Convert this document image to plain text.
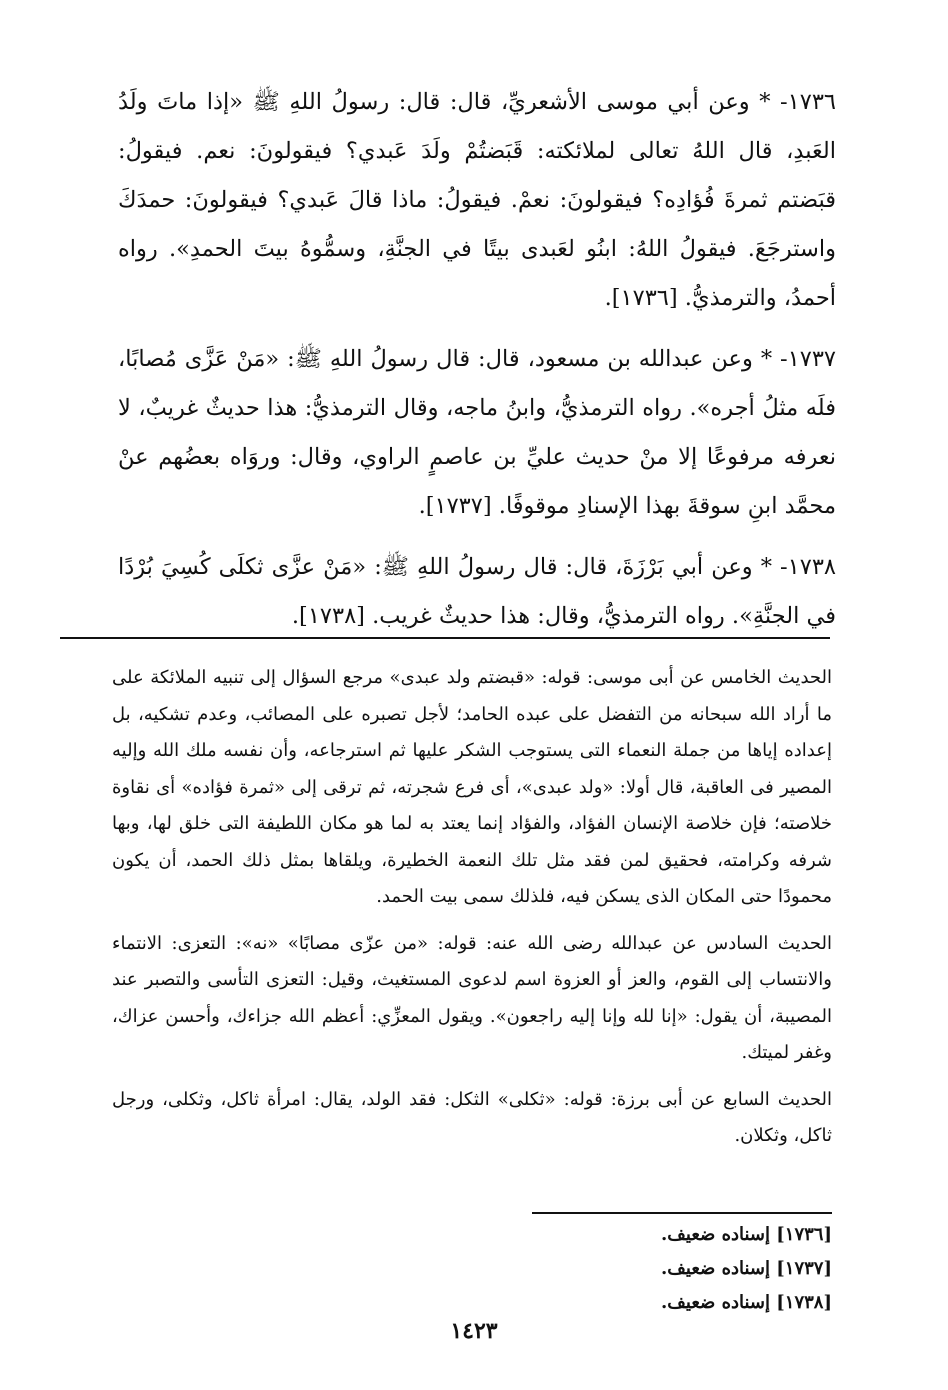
١٧٣٦- * وعن أبي موسى الأشعريِّ، قال: قال: رسولُ اللهِ ﷺ «إذا ماتَ ولَدُ العَبدِ، قال اللهُ تعالى لملائكته: قَبَضتُمْ ولَدَ عَبدي؟ فيقولونَ: نعم. فيقولُ: قبَضتم ثمرةَ فُؤادِه؟ فيقولونَ: نعمْ. فيقولُ: ماذا قالَ عَبدي؟ فيقولونَ: حمدَكَ واسترجَعَ. فيقولُ اللهُ: ابنُو لعَبدى بيتًا في الجنَّةِ، وسمُّوهُ بيتَ الحمدِ». رواه أحمدُ، والترمذيُّ. [١٧٣٦].

١٧٣٧- * وعن عبدالله بن مسعود، قال: قال رسولُ اللهِ ﷺ: «مَنْ عَزَّى مُصابًا، فلَه مثلُ أجره». رواه الترمذيُّ، وابنُ ماجه، وقال الترمذيُّ: هذا حديثٌ غريبٌ، لا نعرفه مرفوعًا إلا منْ حديث عليِّ بن عاصمٍ الراوي، وقال: وروَاه بعضُهم عنْ محمَّد ابنِ سوقةَ بهذا الإسنادِ موقوفًا. [١٧٣٧].

١٧٣٨- * وعن أبي بَرْزَةَ، قال: قال رسولُ اللهِ ﷺ: «مَنْ عزَّى ثكلَى كُسِيَ بُرْدًا في الجنَّةِ». رواه الترمذيُّ، وقال: هذا حديثٌ غريب. [١٧٣٨].

الحديث الخامس عن أبى موسى: قوله: «قبضتم ولد عبدى» مرجع السؤال إلى تنبيه الملائكة على ما أراد الله سبحانه من التفضل على عبده الحامد؛ لأجل تصبره على المصائب، وعدم تشكيه، بل إعداده إياها من جملة النعماء التى يستوجب الشكر عليها ثم استرجاعه، وأن نفسه ملك الله وإليه المصير فى العاقبة، قال أولا: «ولد عبدى»، أى فرع شجرته، ثم ترقى إلى «ثمرة فؤاده» أى نقاوة خلاصته؛ فإن خلاصة الإنسان الفؤاد، والفؤاد إنما يعتد به لما هو مكان اللطيفة التى خلق لها، وبها شرفه وكرامته، فحقيق لمن فقد مثل تلك النعمة الخطيرة، ويلقاها بمثل ذلك الحمد، أن يكون محمودًا حتى المكان الذى يسكن فيه، فلذلك سمى بيت الحمد.

الحديث السادس عن عبدالله رضى الله عنه: قوله: «من عزّى مصابًا» «نه»: التعزى: الانتماء والانتساب إلى القوم، والعز أو العزوة اسم لدعوى المستغيث، وقيل: التعزى التأسى والتصبر عند المصيبة، أن يقول: «إنا لله وإنا إليه راجعون». ويقول المعزِّي: أعظم الله جزاءك، وأحسن عزاك، وغفر لميتك.

الحديث السابع عن أبى برزة: قوله: «ثكلى» الثكل: فقد الولد، يقال: امرأة ثاكل، وثكلى، ورجل ثاكل، وثكلان.

[١٧٣٦] إسناده ضعيف.
[١٧٣٧] إسناده ضعيف.
[١٧٣٨] إسناده ضعيف.
١٤٢٣
